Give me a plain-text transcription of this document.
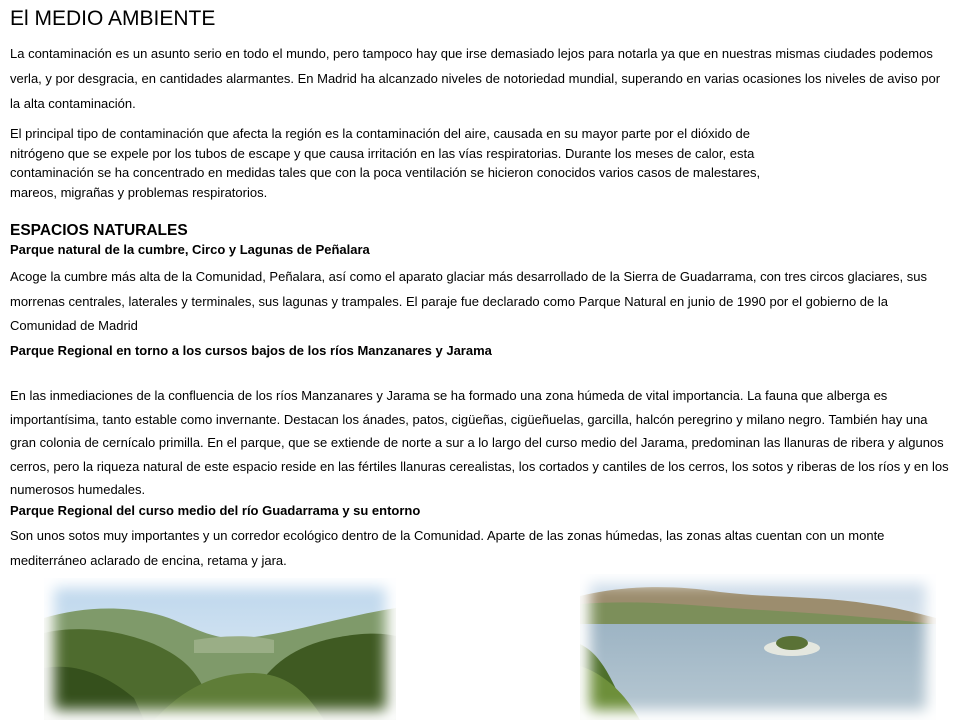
El MEDIO AMBIENTE
La contaminación es un asunto serio en todo el mundo, pero tampoco hay que irse demasiado lejos para notarla ya que en nuestras mismas ciudades podemos verla, y por desgracia, en cantidades alarmantes. En Madrid ha alcanzado niveles de notoriedad mundial, superando en varias ocasiones los niveles de aviso por la alta contaminación.
El principal tipo de contaminación que afecta la región es la contaminación del aire, causada en su mayor parte por el dióxido de nitrógeno que se expele por los tubos de escape y que causa irritación en las vías respiratorias. Durante los meses de calor, esta contaminación se ha concentrado en medidas tales que con la poca ventilación se hicieron conocidos varios casos de malestares, mareos, migrañas y problemas respiratorios.
ESPACIOS NATURALES
Parque natural de la cumbre, Circo y Lagunas de Peñalara
Acoge la cumbre más alta de la Comunidad, Peñalara, así como el aparato glaciar más desarrollado de la Sierra de Guadarrama, con tres circos glaciares, sus morrenas centrales, laterales y terminales, sus lagunas y trampales. El paraje fue declarado como Parque Natural en junio de 1990 por el gobierno de la Comunidad de Madrid
Parque Regional en torno a los cursos bajos de los ríos Manzanares y Jarama
En las inmediaciones de la confluencia de los ríos Manzanares y Jarama se ha formado una zona húmeda de vital importancia. La fauna que alberga es importantísima, tanto estable como invernante. Destacan los ánades, patos, cigüeñas, cigüeñuelas, garcilla, halcón peregrino y milano negro. También hay una gran colonia de cernícalo primilla. En el parque, que se extiende de norte a sur a lo largo del curso medio del Jarama, predominan las llanuras de ribera y algunos cerros, pero la riqueza natural de este espacio reside en las fértiles llanuras cerealistas, los cortados y cantiles de los cerros, los sotos y riberas de los ríos y en los numerosos humedales.
Parque Regional del curso medio del río Guadarrama y su entorno
Son unos sotos muy importantes y un corredor ecológico dentro de la Comunidad. Aparte de las zonas húmedas, las zonas altas cuentan con un monte mediterráneo aclarado de encina, retama y jara.
